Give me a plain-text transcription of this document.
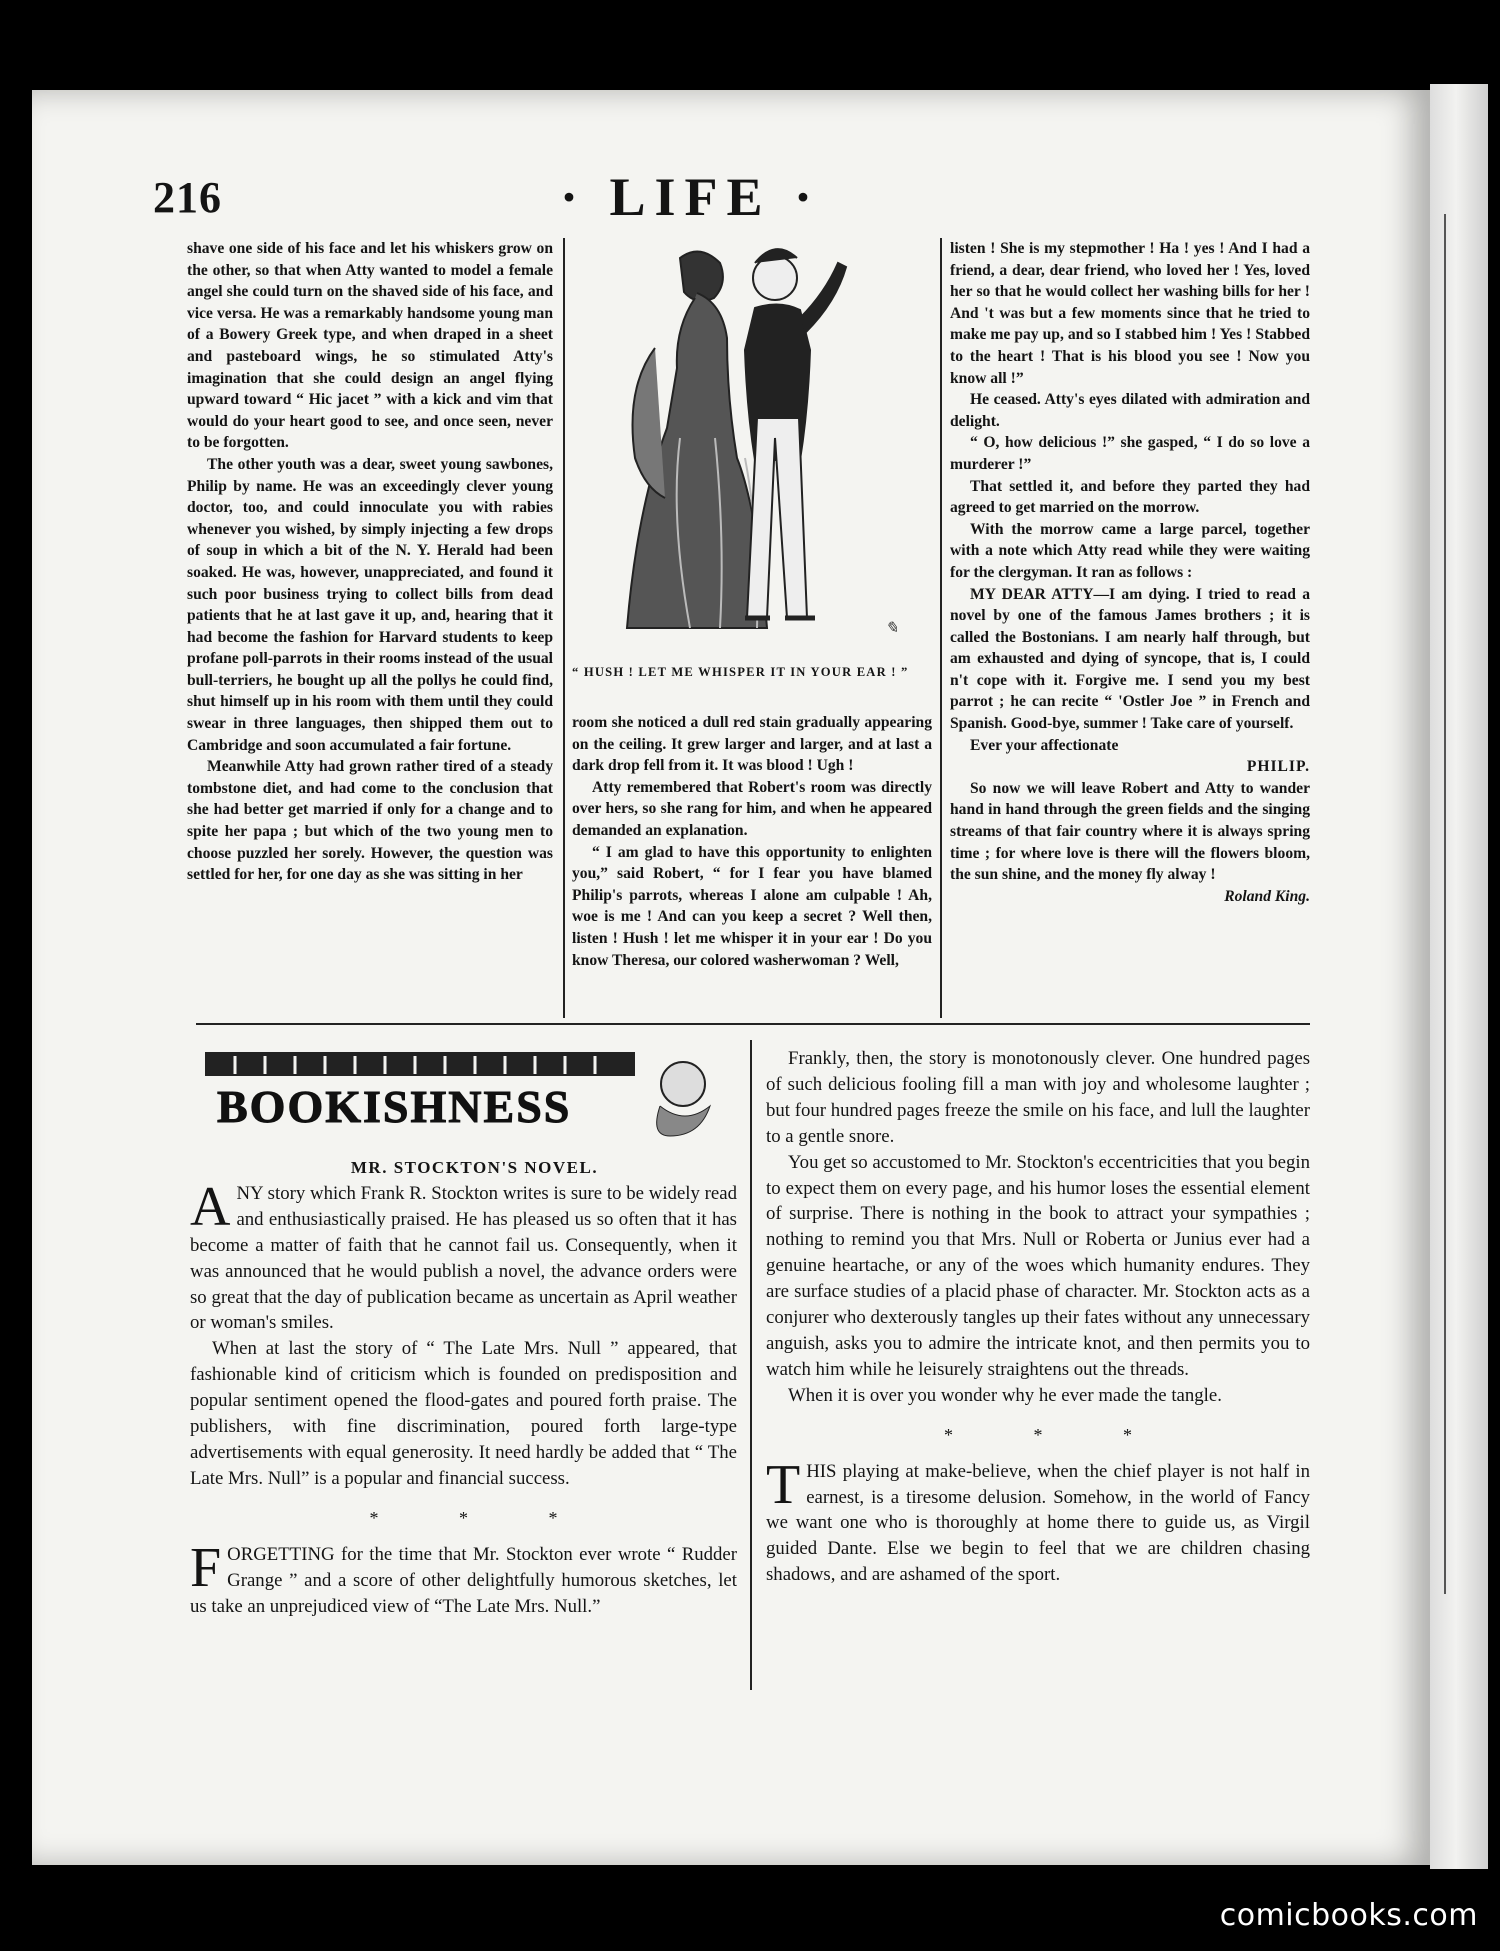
216	· LIFE ·

shave one side of his face and let his whiskers grow on the other, so that when Atty wanted to model a female angel she could turn on the shaved side of his face, and vice versa. He was a remarkably handsome young man of a Bowery Greek type, and when draped in a sheet and pasteboard wings, he so stimulated Atty's imagination that she could design an angel flying upward toward “ Hic jacet ” with a kick and vim that would do your heart good to see, and once seen, never to be forgotten.

The other youth was a dear, sweet young sawbones, Philip by name. He was an exceedingly clever young doctor, too, and could innoculate you with rabies whenever you wished, by simply injecting a few drops of soup in which a bit of the N. Y. Herald had been soaked. He was, however, unappreciated, and found it such poor business trying to collect bills from dead patients that he at last gave it up, and, hearing that it had become the fashion for Harvard students to keep profane poll-parrots in their rooms instead of the usual bull-terriers, he bought up all the pollys he could find, shut himself up in his room with them until they could swear in three languages, then shipped them out to Cambridge and soon accumulated a fair fortune.

Meanwhile Atty had grown rather tired of a steady tombstone diet, and had come to the conclusion that she had better get married if only for a change and to spite her papa ; but which of the two young men to choose puzzled her sorely. However, the question was settled for her, for one day as she was sitting in her

✎
“ HUSH ! LET ME WHISPER IT IN YOUR EAR ! ”

room she noticed a dull red stain gradually appearing on the ceiling. It grew larger and larger, and at last a dark drop fell from it. It was blood ! Ugh !

Atty remembered that Robert's room was directly over hers, so she rang for him, and when he appeared demanded an explanation.

“ I am glad to have this opportunity to enlighten you,” said Robert, “ for I fear you have blamed Philip's parrots, whereas I alone am culpable ! Ah, woe is me ! And can you keep a secret ? Well then, listen ! Hush ! let me whisper it in your ear ! Do you know Theresa, our colored washerwoman ? Well,

listen ! She is my stepmother ! Ha ! yes ! And I had a friend, a dear, dear friend, who loved her ! Yes, loved her so that he would collect her washing bills for her ! And 't was but a few moments since that he tried to make me pay up, and so I stabbed him ! Yes ! Stabbed to the heart ! That is his blood you see ! Now you know all !”

He ceased. Atty's eyes dilated with admiration and delight.

“ O, how delicious !” she gasped, “ I do so love a murderer !”

That settled it, and before they parted they had agreed to get married on the morrow.

With the morrow came a large parcel, together with a note which Atty read while they were waiting for the clergyman. It ran as follows :

MY DEAR ATTY—I am dying. I tried to read a novel by one of the famous James brothers ; it is called the Bostonians. I am nearly half through, but am exhausted and dying of syncope, that is, I could n't cope with it. Forgive me. I send you my best parrot ; he can recite “ 'Ostler Joe ” in French and Spanish. Good-bye, summer ! Take care of yourself.

Ever your affectionate

PHILIP.

So now we will leave Robert and Atty to wander hand in hand through the green fields and the singing streams of that fair country where it is always spring time ; for where love is there will the flowers bloom, the sun shine, and the money fly alway !

Roland King.

BOOKISHNESS

MR. STOCKTON'S NOVEL.

A NY story which Frank R. Stockton writes is sure to be widely read and enthusiastically praised. He has pleased us so often that it has become a matter of faith that he cannot fail us. Consequently, when it was announced that he would publish a novel, the advance orders were so great that the day of publication became as uncertain as April weather or woman's smiles.

When at last the story of “ The Late Mrs. Null ” appeared, that fashionable kind of criticism which is founded on predisposition and popular sentiment opened the flood-gates and poured forth praise. The publishers, with fine discrimination, poured forth large-type advertisements with equal generosity. It need hardly be added that “ The Late Mrs. Null” is a popular and financial success.

* * *

F ORGETTING for the time that Mr. Stockton ever wrote “ Rudder Grange ” and a score of other delightfully humorous sketches, let us take an unprejudiced view of “The Late Mrs. Null.”

Frankly, then, the story is monotonously clever. One hundred pages of such delicious fooling fill a man with joy and wholesome laughter ; but four hundred pages freeze the smile on his face, and lull the laughter to a gentle snore.

You get so accustomed to Mr. Stockton's eccentricities that you begin to expect them on every page, and his humor loses the essential element of surprise. There is nothing in the book to attract your sympathies ; nothing to remind you that Mrs. Null or Roberta or Junius ever had a genuine heartache, or any of the woes which humanity endures. They are surface studies of a placid phase of character. Mr. Stockton acts as a conjurer who dexterously tangles up their fates without any unnecessary anguish, asks you to admire the intricate knot, and then permits you to watch him while he leisurely straightens out the threads.

When it is over you wonder why he ever made the tangle.

* * *

T HIS playing at make-believe, when the chief player is not half in earnest, is a tiresome delusion. Somehow, in the world of Fancy we want one who is thoroughly at home there to guide us, as Virgil guided Dante. Else we begin to feel that we are children chasing shadows, and are ashamed of the sport.

comicbooks.com
